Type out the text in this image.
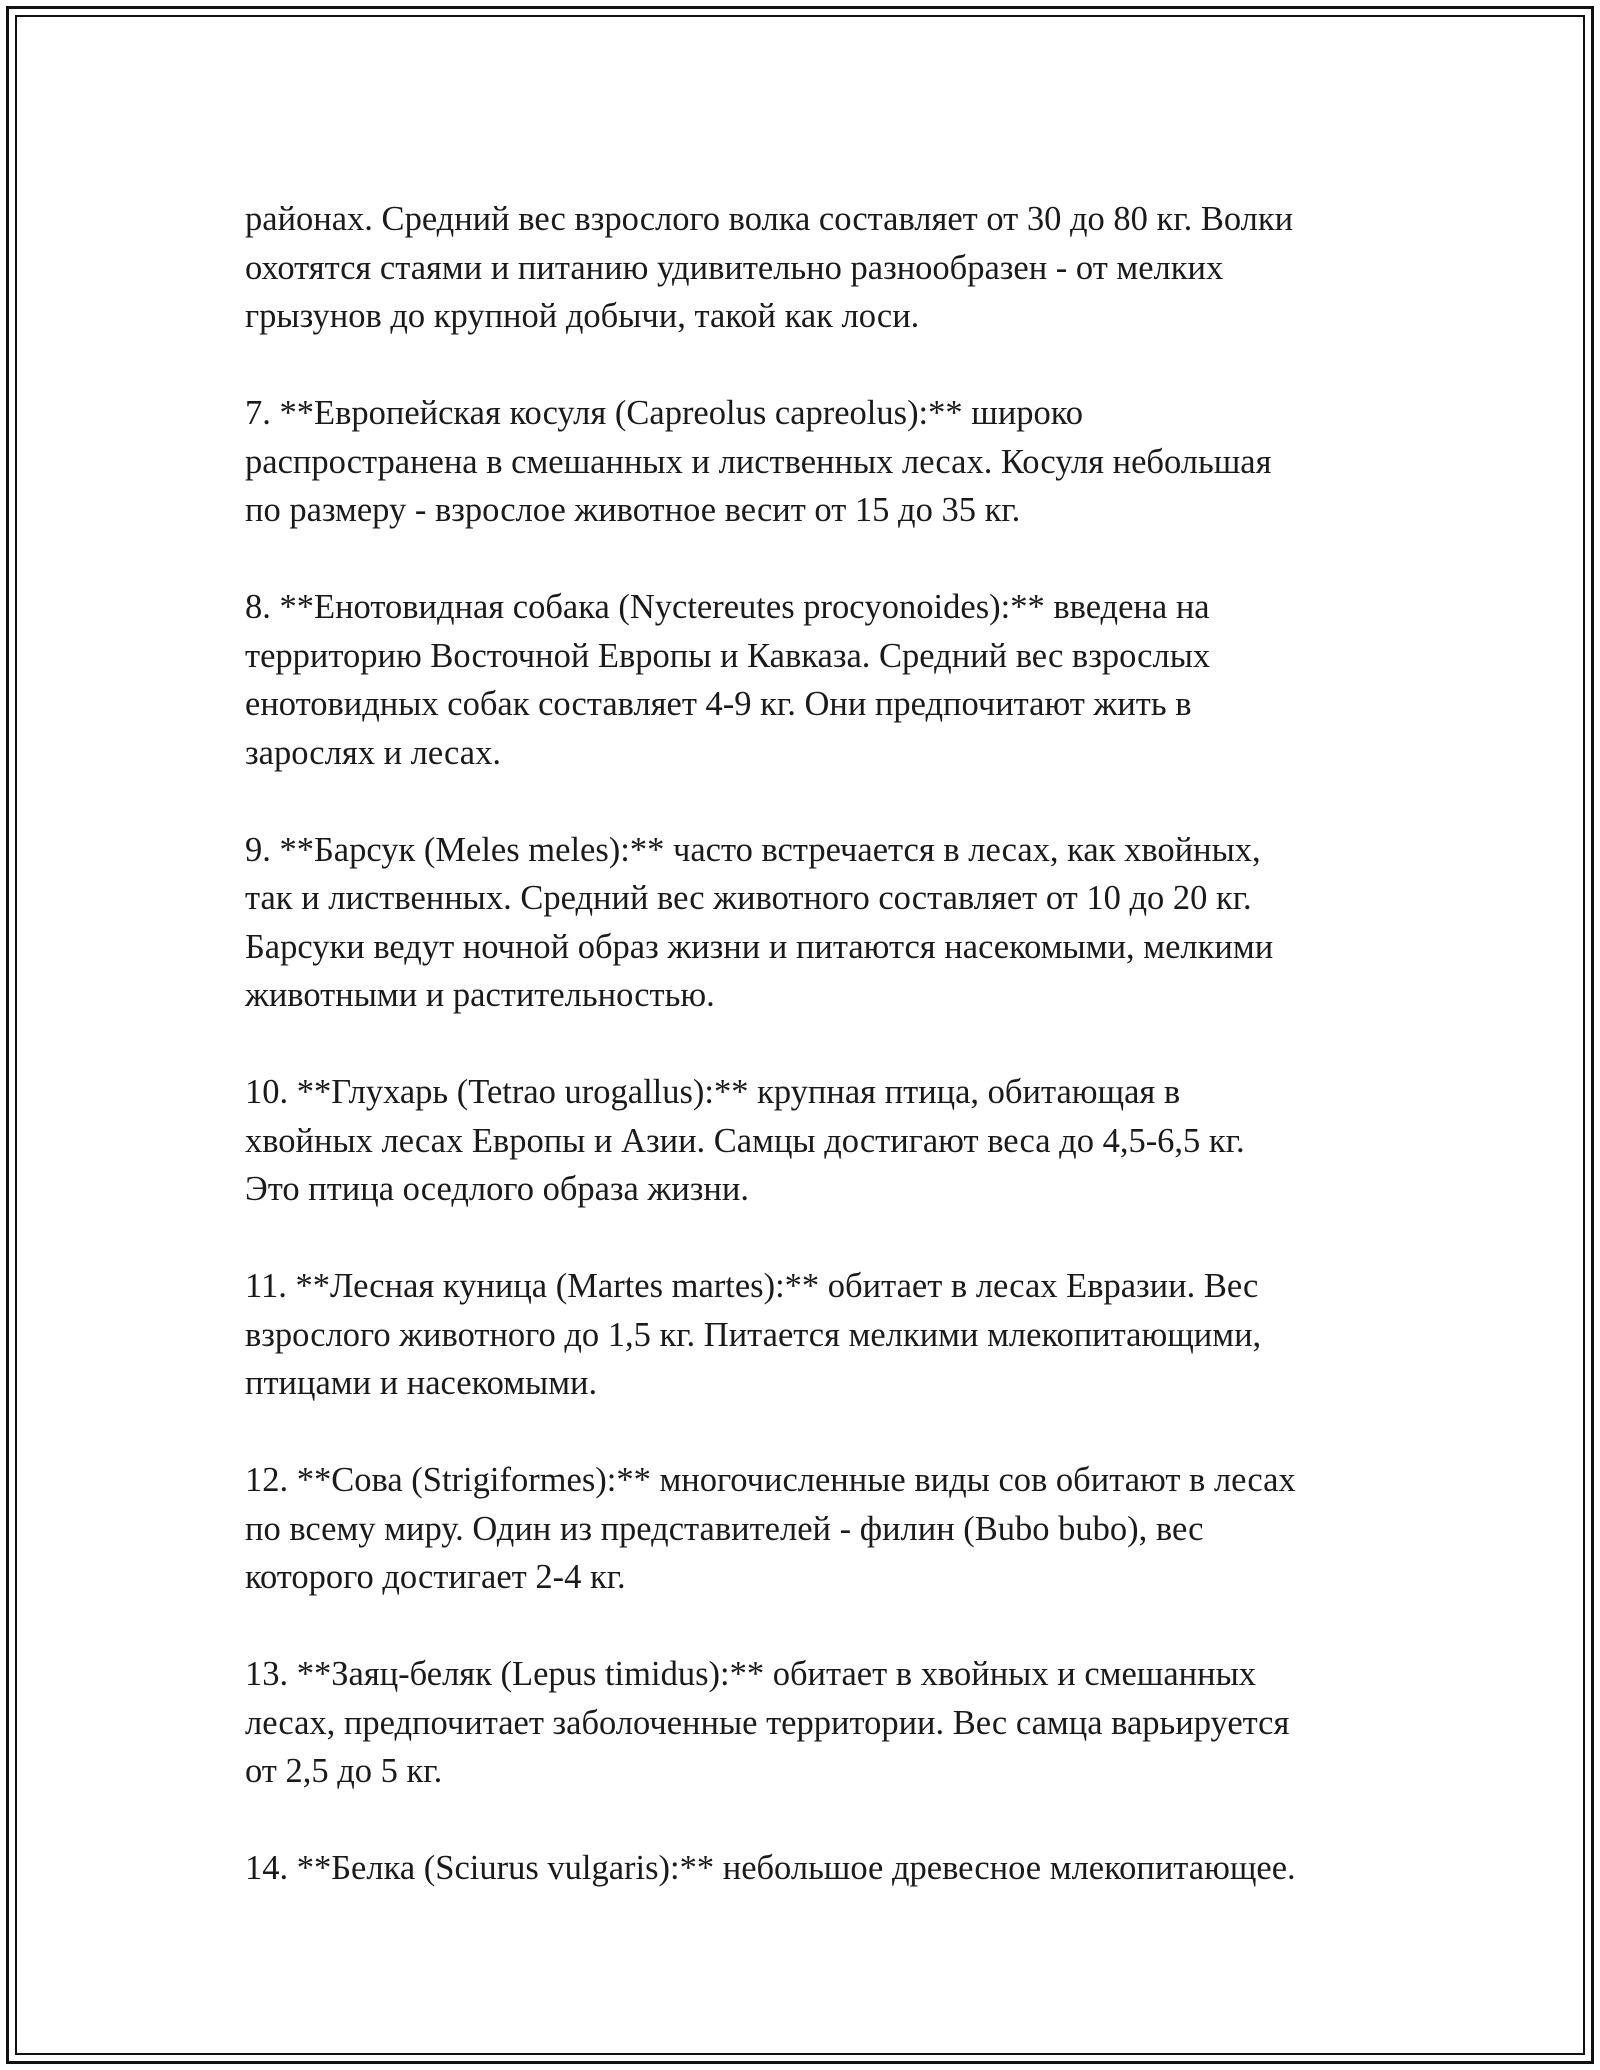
районах. Средний вес взрослого волка составляет от 30 до 80 кг. Волки
охотятся стаями и питанию удивительно разнообразен - от мелких
грызунов до крупной добычи, такой как лоси.

7. **Европейская косуля (Capreolus capreolus):** широко
распространена в смешанных и лиственных лесах. Косуля небольшая
по размеру - взрослое животное весит от 15 до 35 кг.

8. **Енотовидная собака (Nyctereutes procyonoides):** введена на
территорию Восточной Европы и Кавказа. Средний вес взрослых
енотовидных собак составляет 4-9 кг. Они предпочитают жить в
зарослях и лесах.

9. **Барсук (Meles meles):** часто встречается в лесах, как хвойных,
так и лиственных. Средний вес животного составляет от 10 до 20 кг.
Барсуки ведут ночной образ жизни и питаются насекомыми, мелкими
животными и растительностью.

10. **Глухарь (Tetrao urogallus):** крупная птица, обитающая в
хвойных лесах Европы и Азии. Самцы достигают веса до 4,5-6,5 кг.
Это птица оседлого образа жизни.

11. **Лесная куница (Martes martes):** обитает в лесах Евразии. Вес
взрослого животного до 1,5 кг. Питается мелкими млекопитающими,
птицами и насекомыми.

12. **Сова (Strigiformes):** многочисленные виды сов обитают в лесах
по всему миру. Один из представителей - филин (Bubo bubo), вес
которого достигает 2-4 кг.

13. **Заяц-беляк (Lepus timidus):** обитает в хвойных и смешанных
лесах, предпочитает заболоченные территории. Вес самца варьируется
от 2,5 до 5 кг.

14. **Белка (Sciurus vulgaris):** небольшое древесное млекопитающее.
